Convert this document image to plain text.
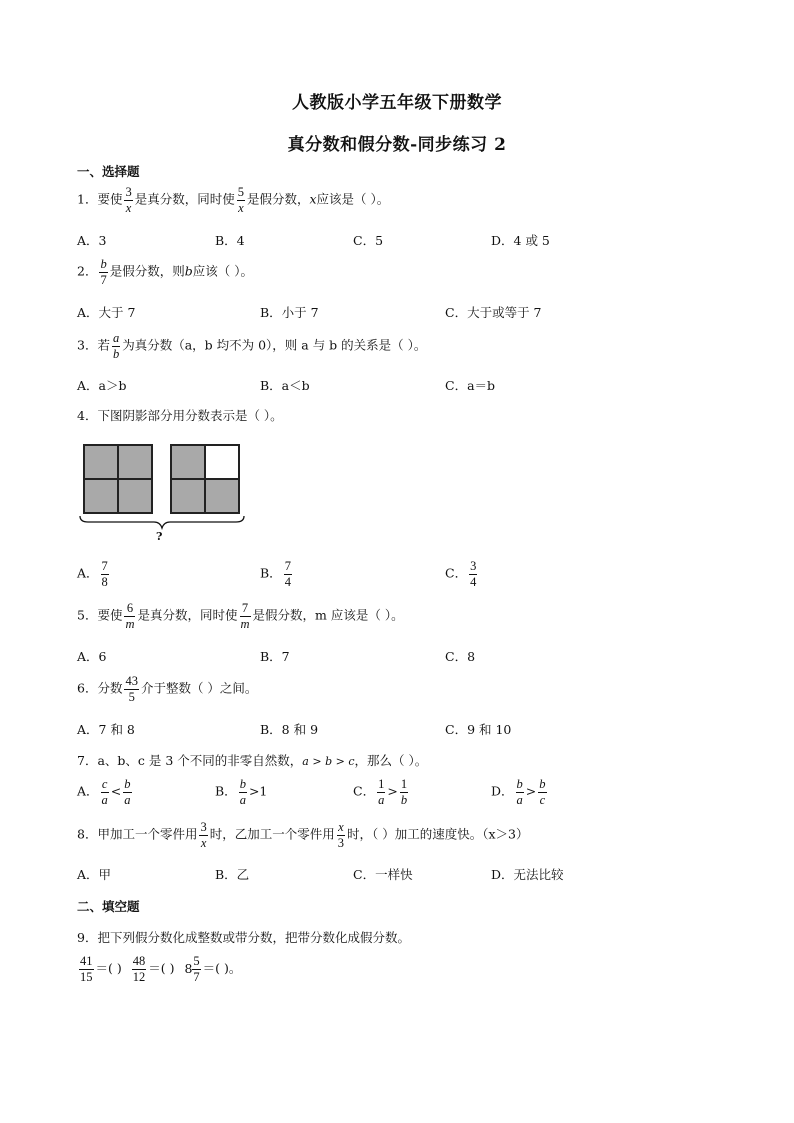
人教版小学五年级下册数学
真分数和假分数-同步练习 2
一、选择题
1．要使 $\frac{3}{x}$ 是真分数，同时使 $\frac{5}{x}$ 是假分数，x应该是（ ）。
A．3	B．4	C．5	D．4 或 5
2． $\frac{b}{7}$ 是假分数，则b应该（ ）。
A．大于 7	B．小于 7	C．大于或等于 7
3．若 $\frac{a}{b}$ 为真分数（a，b 均不为 0），则 a 与 b 的关系是（ ）。
A．a＞b	B．a＜b	C．a＝b
4．下图阴影部分用分数表示是（ ）。
?
A． $\frac{7}{8}$	B． $\frac{7}{4}$	C． $\frac{3}{4}$
5．要使 $\frac{6}{m}$ 是真分数，同时使 $\frac{7}{m}$ 是假分数，m 应该是（ ）。
A．6	B．7	C．8
6．分数 $\frac{43}{5}$ 介于整数（ ）之间。
A．7 和 8	B．8 和 9	C．9 和 10
7．a、b、c 是 3 个不同的非零自然数，a > b > c，那么（ ）。
A． $\frac{c}{a} < \frac{b}{a}$	B． $\frac{b}{a} >1$	C． $\frac{1}{a} > \frac{1}{b}$	D． $\frac{b}{a} > \frac{b}{c}$
8．甲加工一个零件用 $\frac{3}{x}$ 时，乙加工一个零件用 $\frac{x}{3}$ 时，（ ）加工的速度快。（x＞3）
A．甲	B．乙	C．一样快	D．无法比较
二、填空题
9．把下列假分数化成整数或带分数，把带分数化成假分数。
$\frac{41}{15}$ ＝( ) $\frac{48}{12}$ ＝( ) $8 \frac{5}{7}$ ＝( )。
